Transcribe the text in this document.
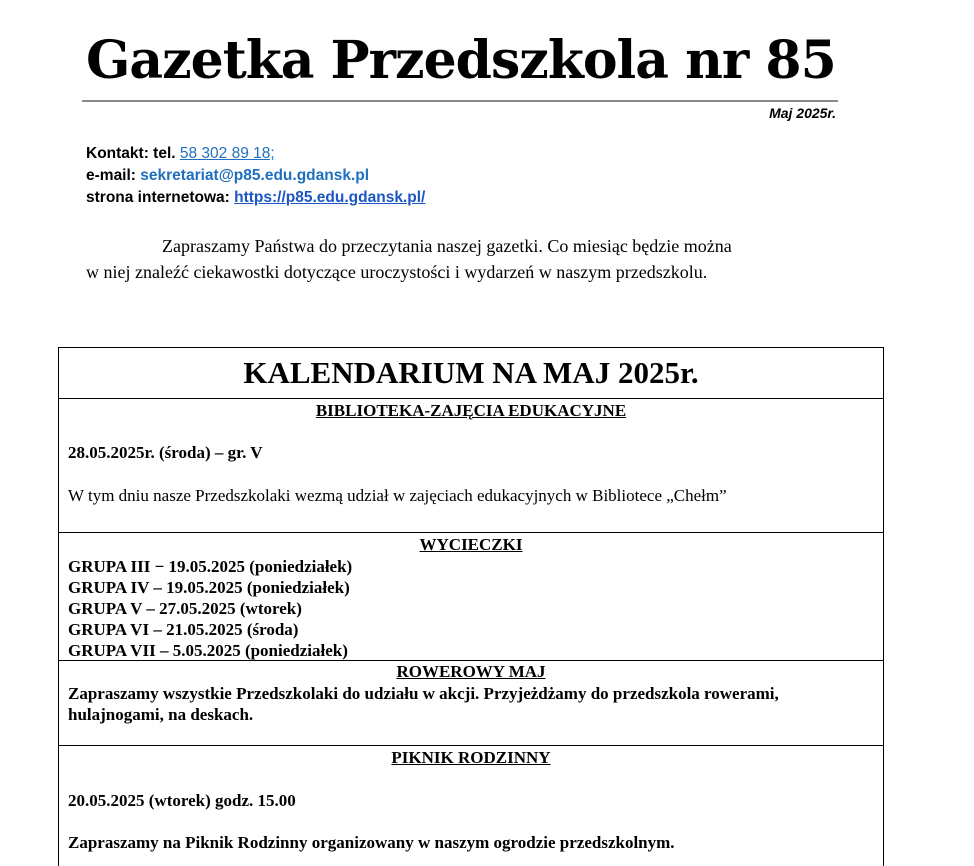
Gazetka Przedszkola nr 85
Maj 2025r.
Kontakt: tel. 58 302 89 18;
e-mail: sekretariat@p85.edu.gdansk.pl
strona internetowa: https://p85.edu.gdansk.pl/
Zapraszamy Państwa do przeczytania naszej gazetki. Co miesiąc będzie można
w niej znaleźć ciekawostki dotyczące uroczystości i wydarzeń w naszym przedszkolu.
KALENDARIUM NA MAJ 2025r.
BIBLIOTEKA-ZAJĘCIA EDUKACYJNE
28.05.2025r. (środa) – gr. V
W tym dniu nasze Przedszkolaki wezmą udział w zajęciach edukacyjnych w Bibliotece „Chełm”
WYCIECZKI
GRUPA III − 19.05.2025 (poniedziałek)
GRUPA IV – 19.05.2025 (poniedziałek)
GRUPA V – 27.05.2025 (wtorek)
GRUPA VI – 21.05.2025 (środa)
GRUPA VII – 5.05.2025 (poniedziałek)
ROWEROWY MAJ
Zapraszamy wszystkie Przedszkolaki do udziału w akcji. Przyjeżdżamy do przedszkola rowerami, hulajnogami, na deskach.
PIKNIK RODZINNY
20.05.2025 (wtorek) godz. 15.00
Zapraszamy na Piknik Rodzinny organizowany w naszym ogrodzie przedszkolnym.
